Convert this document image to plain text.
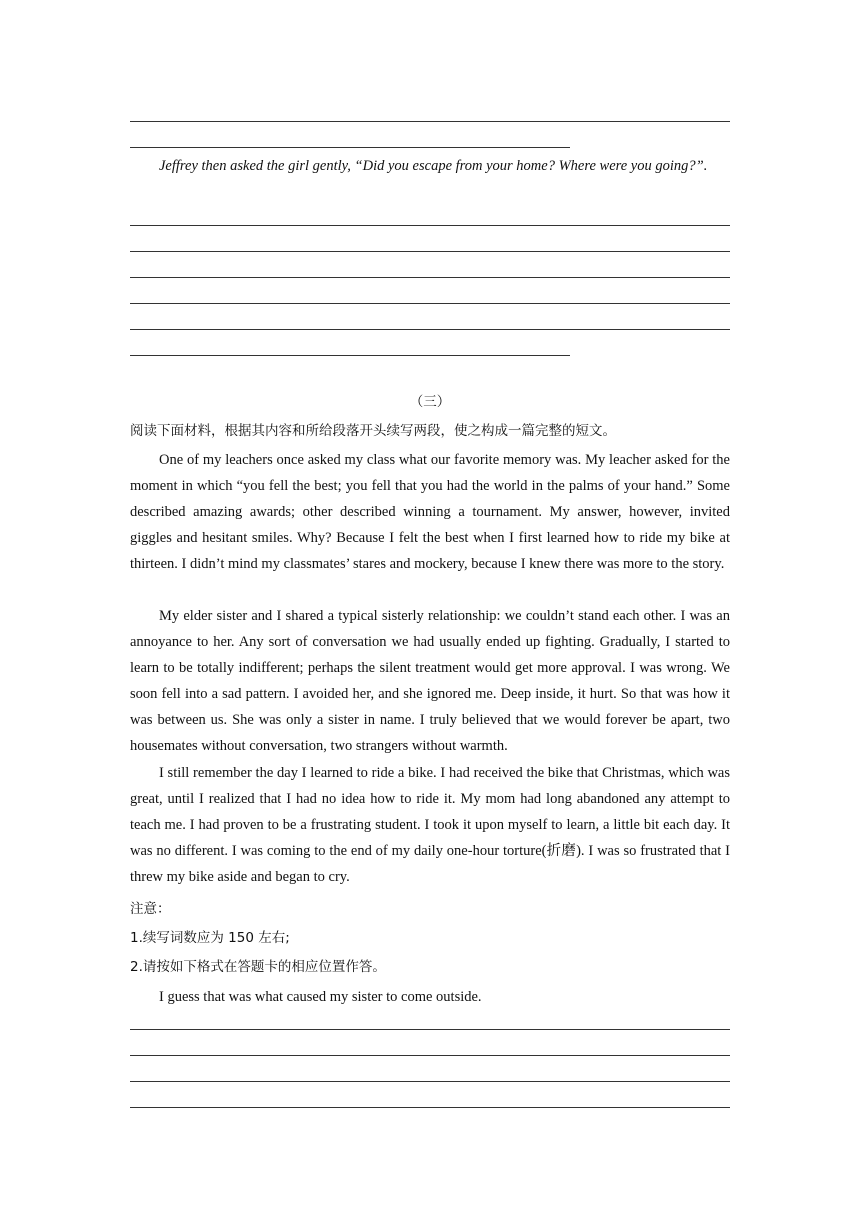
Jeffrey then asked the girl gently, “Did you escape from your home? Where were you going?”.

（三）

阅读下面材料，根据其内容和所给段落开头续写两段，使之构成一篇完整的短文。

One of my leachers once asked my class what our favorite memory was. My leacher asked for the moment in which “you fell the best; you fell that you had the world in the palms of your hand.” Some described amazing awards; other described winning a tournament. My answer, however, invited giggles and hesitant smiles. Why? Because I felt the best when I first learned how to ride my bike at thirteen. I didn’t mind my classmates’ stares and mockery, because I knew there was more to the story.

My elder sister and I shared a typical sisterly relationship: we couldn’t stand each other. I was an annoyance to her. Any sort of conversation we had usually ended up fighting. Gradually, I started to learn to be totally indifferent; perhaps the silent treatment would get more approval. I was wrong. We soon fell into a sad pattern. I avoided her, and she ignored me. Deep inside, it hurt. So that was how it was between us. She was only a sister in name. I truly believed that we would forever be apart, two housemates without conversation, two strangers without warmth.

I still remember the day I learned to ride a bike. I had received the bike that Christmas, which was great, until I realized that I had no idea how to ride it. My mom had long abandoned any attempt to teach me. I had proven to be a frustrating student. I took it upon myself to learn, a little bit each day. It was no different. I was coming to the end of my daily one-hour torture(折磨). I was so frustrated that I threw my bike aside and began to cry.

注意：

1.续写词数应为 150 左右;

2.请按如下格式在答题卡的相应位置作答。

I guess that was what caused my sister to come outside.
